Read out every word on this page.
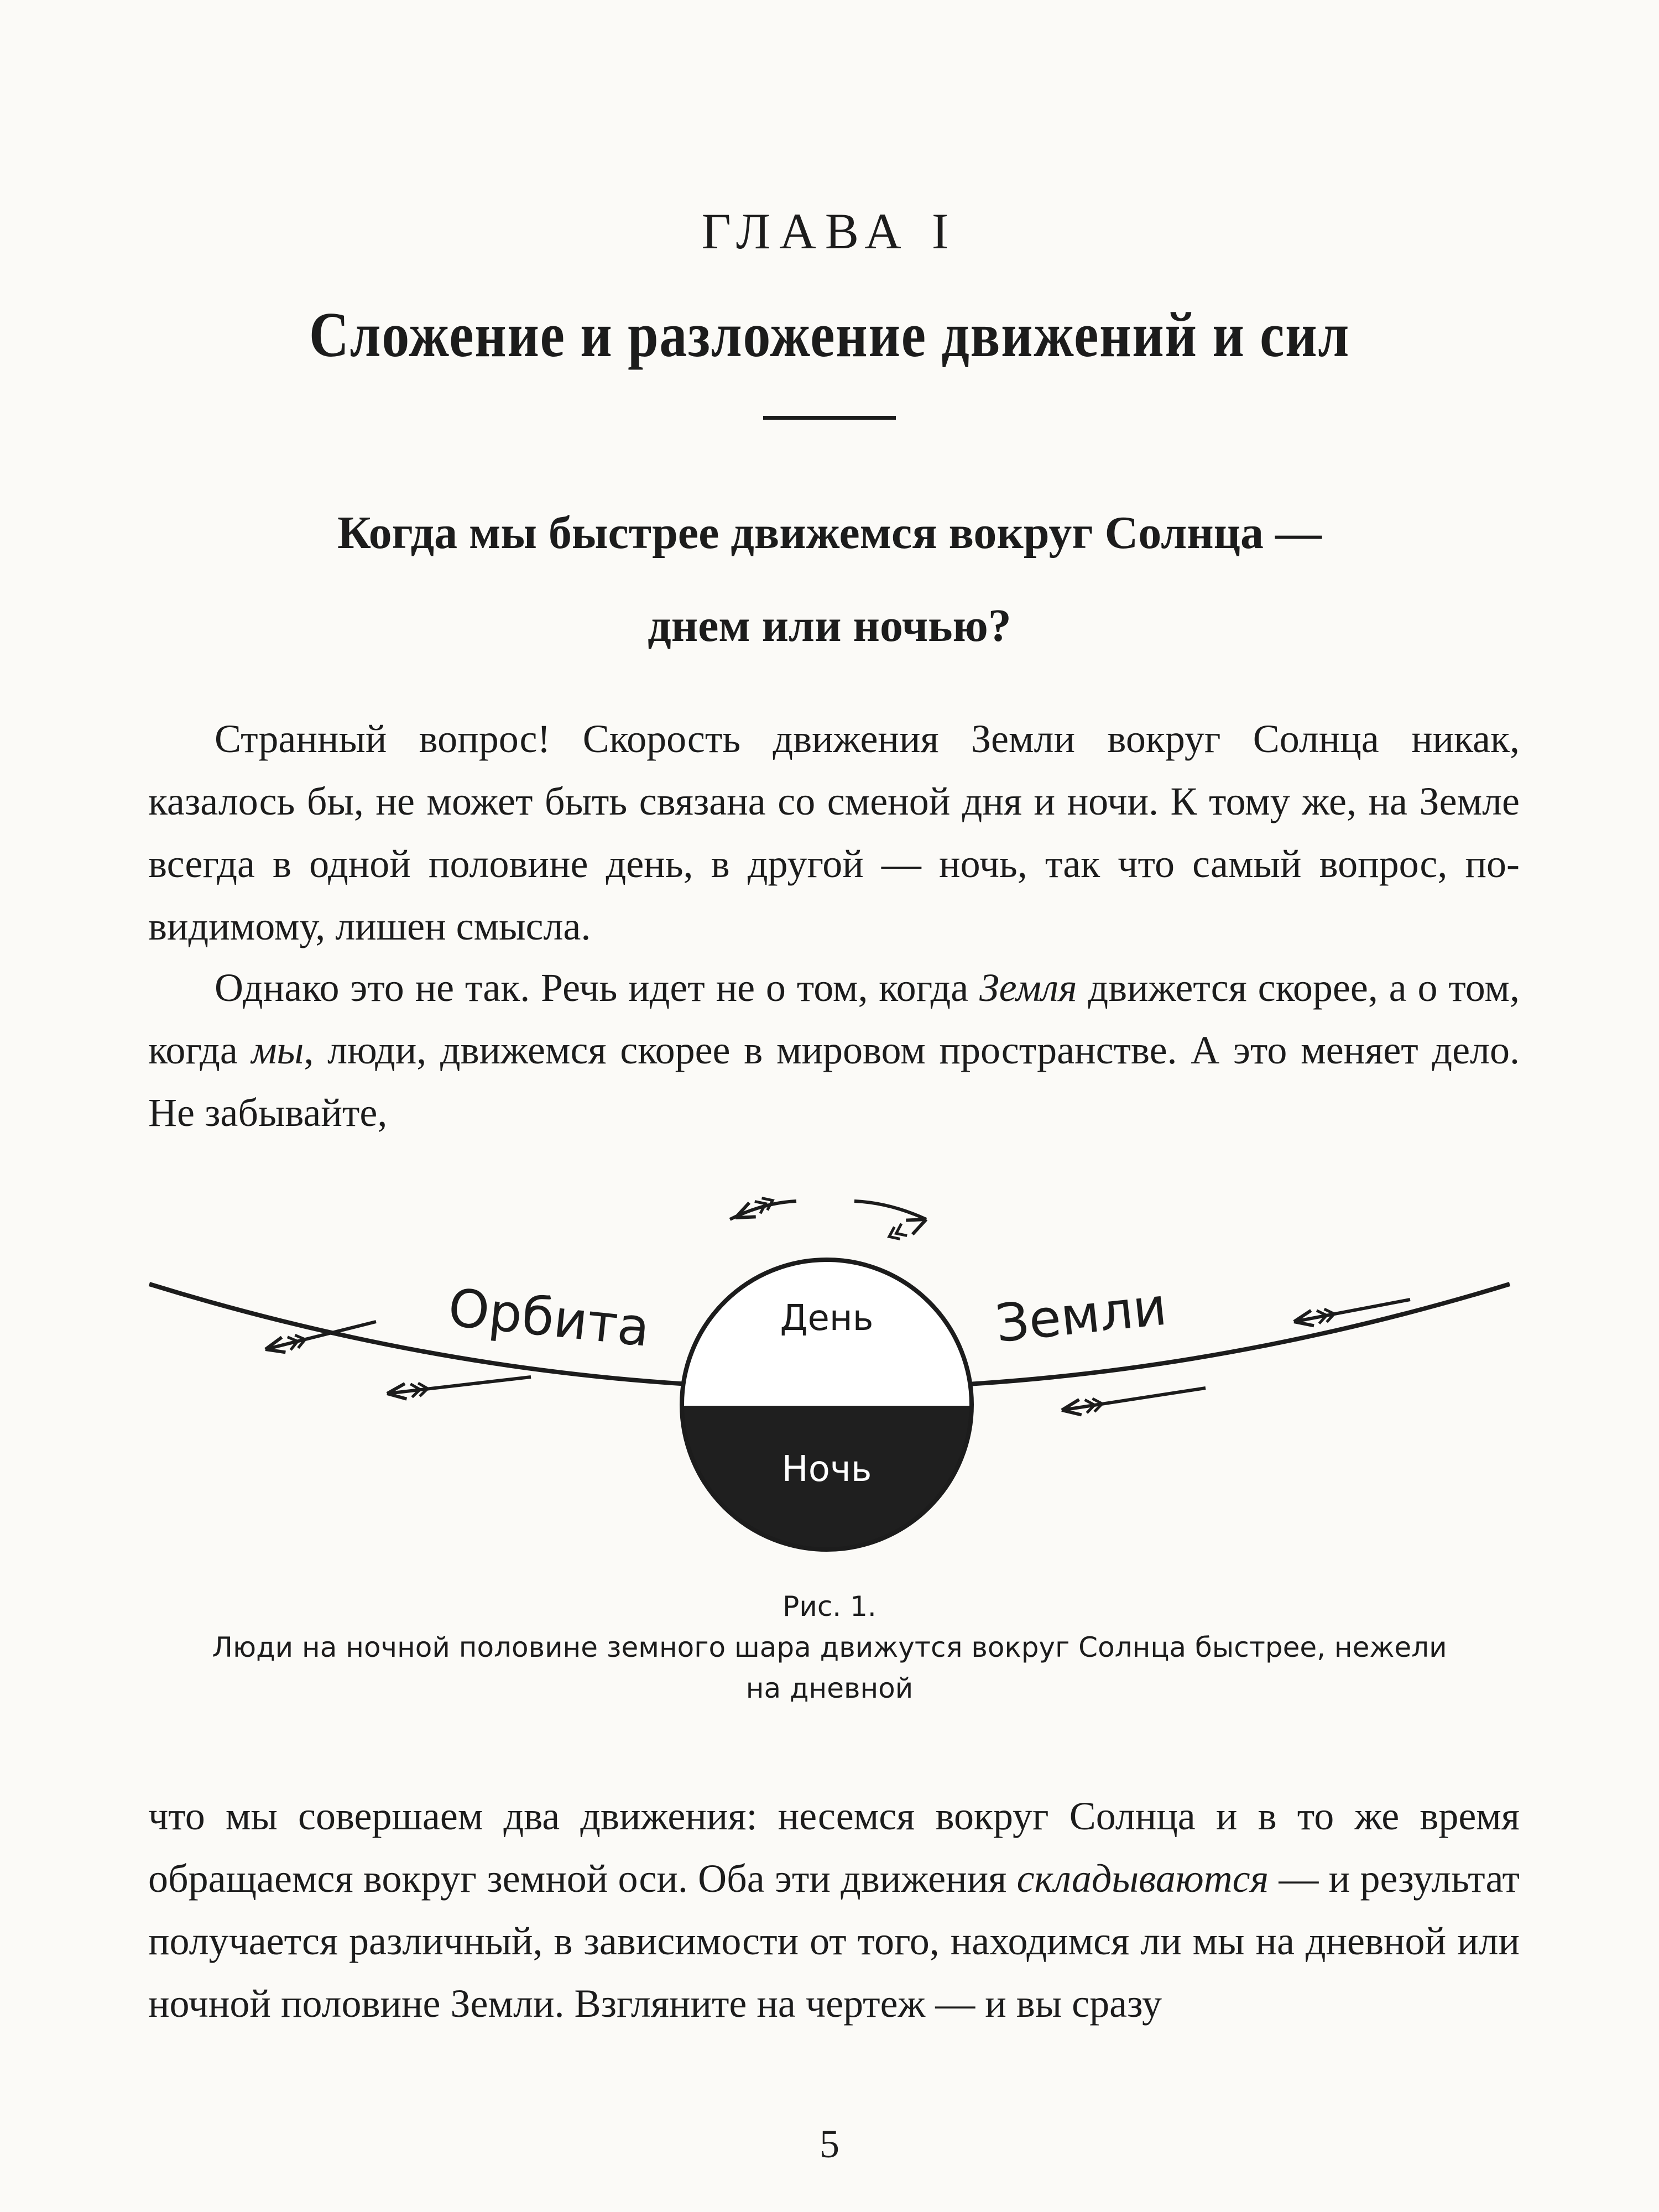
ГЛАВА I
Сложение и разложение движений и сил
Когда мы быстрее движемся вокруг Солнца —
днем или ночью?

Странный вопрос! Скорость движения Земли вокруг Солнца никак, казалось бы, не может быть связана со сменой дня и ночи. К тому же, на Земле всегда в одной половине день, в другой — ночь, так что самый вопрос, по-видимому, лишен смысла.

Однако это не так. Речь идет не о том, когда Земля движется скорее, а о том, когда мы, люди, движемся скорее в мировом пространстве. А это меняет дело. Не забывайте,

Орбита	Земли
День
Ночь
Рис. 1.
Люди на ночной половине земного шара движутся вокруг Солнца быстрее, нежели
на дневной

что мы совершаем два движения: несемся вокруг Солнца и в то же время обращаемся вокруг земной оси. Оба эти движения складываются — и результат получается различный, в зависимости от того, находимся ли мы на дневной или ночной половине Земли. Взгляните на чертеж — и вы сразу

5
